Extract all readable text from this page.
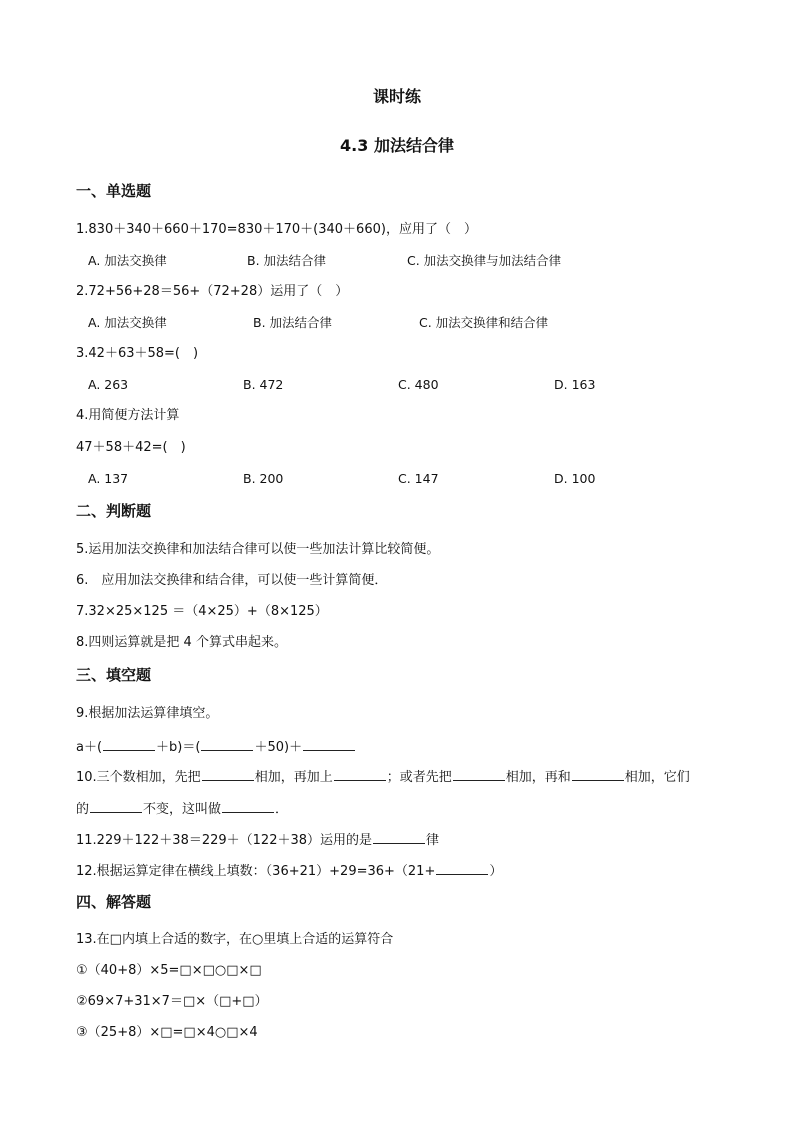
课时练
4.3 加法结合律
一、单选题
1.830＋340＋660＋170=830＋170＋(340＋660)，应用了（　）
A. 加法交换律	B. 加法结合律	C. 加法交换律与加法结合律
2.72+56+28＝56+（72+28）运用了（　）
A. 加法交换律	B. 加法结合律	C. 加法交换律和结合律
3.42＋63＋58=(　)
A. 263	B. 472	C. 480	D. 163
4.用简便方法计算
47＋58＋42=(　)
A. 137	B. 200	C. 147	D. 100
二、判断题
5.运用加法交换律和加法结合律可以使一些加法计算比较简便。
6.　应用加法交换律和结合律，可以使一些计算简便．
7.32×25×125 ＝（4×25）+（8×125）
8.四则运算就是把 4 个算式串起来。
三、填空题
9.根据加法运算律填空。
a＋(	＋b)＝(	＋50)＋
10.三个数相加，先把	相加，再加上	；或者先把	相加，再和	相加，它们
的	不变，这叫做	．
11.229＋122＋38＝229＋（122＋38）运用的是	律
12.根据运算定律在横线上填数：（36+21）+29=36+（21+	）
四、解答题
13.在□内填上合适的数字，在○里填上合适的运算符合
①（40+8）×5=□×□○□×□
②69×7+31×7＝□×（□+□）
③（25+8）×□=□×4○□×4
